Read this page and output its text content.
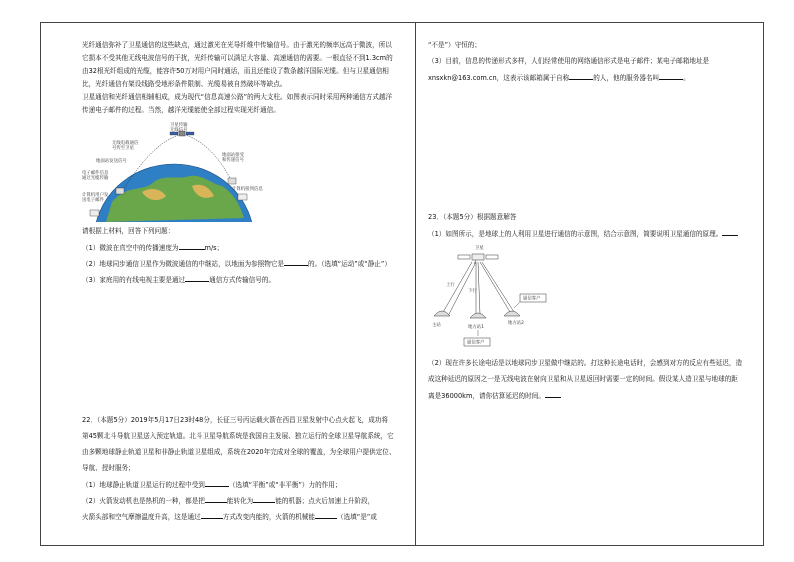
光纤通信弥补了卫星通信的这些缺点，通过激光在光导纤维中传输信号。由于激光的频率远高于微波，所以
它损本不受其他无线电波信号的干扰，光纤传输可以满足大容量、高速通信的需要。一根直径不到1.3cm的
由32根光纤组成的光缆，能容许50万对用户同时通话，而且还能设了数条越洋国际光缆。但与卫星通信相
比，光纤通信有架设线路受地形条件限制、光缆易被自然破坏等缺点。
卫星通信和光纤通信相辅相成，成为现代“信息高速公路”的两大支柱。如图表示同时采用两种通信方式越洋
传递电子邮件的过程。当然，越洋光缆能使全部过程实现光纤通信。
卫星传输
无线信号
无线电载通信
号传至卫星
地面站发送信号
电子邮件信息
通过光缆传输
计算机用户发
送电子邮件
地面站接受
和传递信号
计算机接到信息
请根据上材料，回答下列问题：
（1）微波在真空中的传播速度为	m/s；
（2）地球同步通信卫星作为微波通信的中继站，以地面为参照物它是	的。（选填“运动”或“静止”）
（3）家庭用的有线电视主要是通过	通信方式传输信号的。
22．（本题5分）2019年5月17日23时48分，长征三号丙运载火箭在西昌卫星发射中心点火起飞，成功将
第45颗北斗导航卫星送入预定轨道。北斗卫星导航系统是我国自主发展、独立运行的全球卫星导航系统，它
由多颗地球静止轨道卫星和非静止轨道卫星组成，系统在2020年完成对全球的覆盖，为全球用户提供定位、
导航、授时服务；
（1）地球静止轨道卫星运行的过程中受到	（选填“平衡”或“非平衡”）力的作用；
（2）火箭发动机也是热机的一种，都是把	能转化为	能的机器；点火后加速上升阶段，
火箭头部和空气摩擦温度升高，这是通过	方式改变内能的，火箭的机械能	（选填“是”或
“不是”）守恒的；
（3）目前，信息的传递形式多样，人们经常使用的网络通信形式是电子邮件；某电子邮箱地址是
xnsxkn@163.com.cn，这表示该邮箱属于自称	的人，他的服务器名叫	。
23．（本题5分）根据题意解答
（1）如图所示，是地球上的人利用卫星进行通信的示意图，结合示意图，简要说明卫星通信的原理。
卫星
上行
下行
主站	地方站1
地方站2
通信客户
通信客户
（2）现在许多长途电话是以地球同步卫星做中继站的。打这种长途电话时，会感到对方的反应有些延迟，造
成这种延迟的原因之一是无线电波在射向卫星和从卫星返回时需要一定的时间。假设某人造卫星与地球的距
离是36000km，请你估算延迟的时间。
